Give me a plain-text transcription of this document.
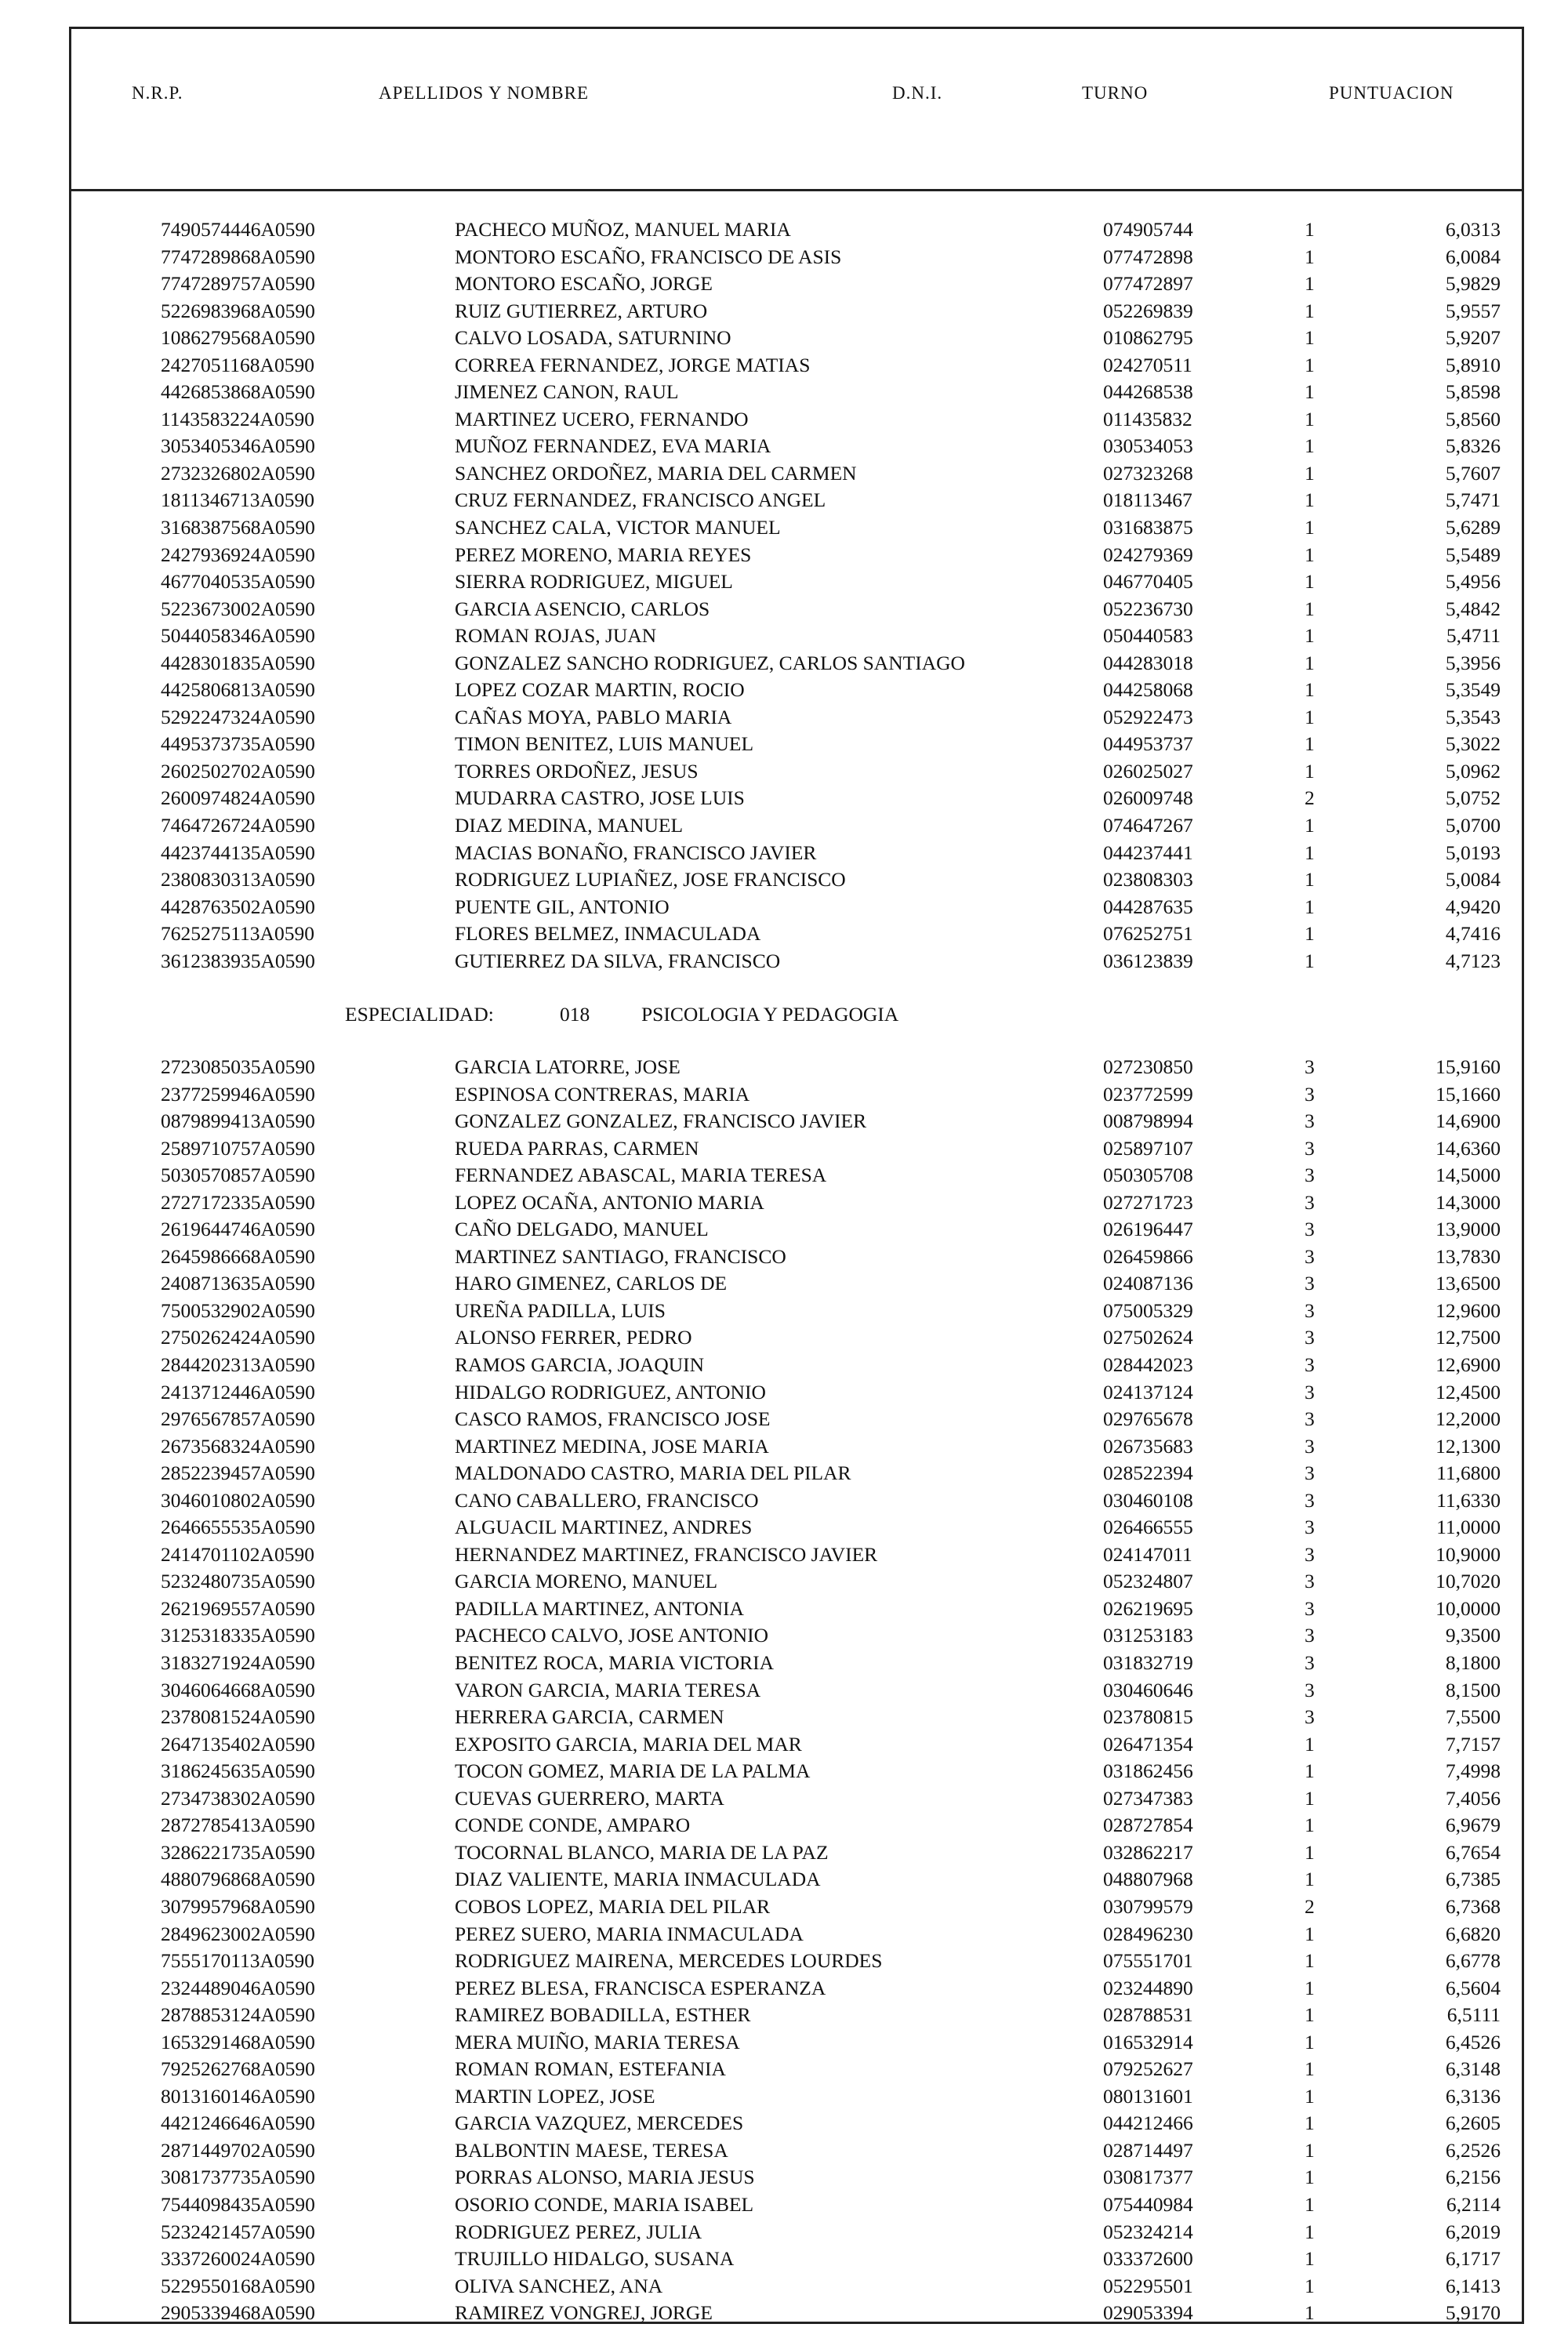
N.R.P.	APELLIDOS Y NOMBRE	D.N.I.	TURNO	PUNTUACION
7490574446A0590	PACHECO MUÑOZ, MANUEL MARIA	074905744	1	6,0313
7747289868A0590	MONTORO ESCAÑO, FRANCISCO DE ASIS	077472898	1	6,0084
7747289757A0590	MONTORO ESCAÑO, JORGE	077472897	1	5,9829
5226983968A0590	RUIZ GUTIERREZ, ARTURO	052269839	1	5,9557
1086279568A0590	CALVO LOSADA, SATURNINO	010862795	1	5,9207
2427051168A0590	CORREA FERNANDEZ, JORGE MATIAS	024270511	1	5,8910
4426853868A0590	JIMENEZ CANON, RAUL	044268538	1	5,8598
1143583224A0590	MARTINEZ UCERO, FERNANDO	011435832	1	5,8560
3053405346A0590	MUÑOZ FERNANDEZ, EVA MARIA	030534053	1	5,8326
2732326802A0590	SANCHEZ ORDOÑEZ, MARIA DEL CARMEN	027323268	1	5,7607
1811346713A0590	CRUZ FERNANDEZ, FRANCISCO ANGEL	018113467	1	5,7471
3168387568A0590	SANCHEZ CALA, VICTOR MANUEL	031683875	1	5,6289
2427936924A0590	PEREZ MORENO, MARIA REYES	024279369	1	5,5489
4677040535A0590	SIERRA RODRIGUEZ, MIGUEL	046770405	1	5,4956
5223673002A0590	GARCIA ASENCIO, CARLOS	052236730	1	5,4842
5044058346A0590	ROMAN ROJAS, JUAN	050440583	1	5,4711
4428301835A0590	GONZALEZ SANCHO RODRIGUEZ, CARLOS SANTIAGO	044283018	1	5,3956
4425806813A0590	LOPEZ COZAR MARTIN, ROCIO	044258068	1	5,3549
5292247324A0590	CAÑAS MOYA, PABLO MARIA	052922473	1	5,3543
4495373735A0590	TIMON BENITEZ, LUIS MANUEL	044953737	1	5,3022
2602502702A0590	TORRES ORDOÑEZ, JESUS	026025027	1	5,0962
2600974824A0590	MUDARRA CASTRO, JOSE LUIS	026009748	2	5,0752
7464726724A0590	DIAZ MEDINA, MANUEL	074647267	1	5,0700
4423744135A0590	MACIAS BONAÑO, FRANCISCO JAVIER	044237441	1	5,0193
2380830313A0590	RODRIGUEZ LUPIAÑEZ, JOSE FRANCISCO	023808303	1	5,0084
4428763502A0590	PUENTE GIL, ANTONIO	044287635	1	4,9420
7625275113A0590	FLORES BELMEZ, INMACULADA	076252751	1	4,7416
3612383935A0590	GUTIERREZ DA SILVA, FRANCISCO	036123839	1	4,7123
ESPECIALIDAD:	018	PSICOLOGIA Y PEDAGOGIA
2723085035A0590	GARCIA LATORRE, JOSE	027230850	3	15,9160
2377259946A0590	ESPINOSA CONTRERAS, MARIA	023772599	3	15,1660
0879899413A0590	GONZALEZ GONZALEZ, FRANCISCO JAVIER	008798994	3	14,6900
2589710757A0590	RUEDA PARRAS, CARMEN	025897107	3	14,6360
5030570857A0590	FERNANDEZ ABASCAL, MARIA TERESA	050305708	3	14,5000
2727172335A0590	LOPEZ OCAÑA, ANTONIO MARIA	027271723	3	14,3000
2619644746A0590	CAÑO DELGADO, MANUEL	026196447	3	13,9000
2645986668A0590	MARTINEZ SANTIAGO, FRANCISCO	026459866	3	13,7830
2408713635A0590	HARO GIMENEZ, CARLOS DE	024087136	3	13,6500
7500532902A0590	UREÑA PADILLA, LUIS	075005329	3	12,9600
2750262424A0590	ALONSO FERRER, PEDRO	027502624	3	12,7500
2844202313A0590	RAMOS GARCIA, JOAQUIN	028442023	3	12,6900
2413712446A0590	HIDALGO RODRIGUEZ, ANTONIO	024137124	3	12,4500
2976567857A0590	CASCO RAMOS, FRANCISCO JOSE	029765678	3	12,2000
2673568324A0590	MARTINEZ MEDINA, JOSE MARIA	026735683	3	12,1300
2852239457A0590	MALDONADO CASTRO, MARIA DEL PILAR	028522394	3	11,6800
3046010802A0590	CANO CABALLERO, FRANCISCO	030460108	3	11,6330
2646655535A0590	ALGUACIL MARTINEZ, ANDRES	026466555	3	11,0000
2414701102A0590	HERNANDEZ MARTINEZ, FRANCISCO JAVIER	024147011	3	10,9000
5232480735A0590	GARCIA MORENO, MANUEL	052324807	3	10,7020
2621969557A0590	PADILLA MARTINEZ, ANTONIA	026219695	3	10,0000
3125318335A0590	PACHECO CALVO, JOSE ANTONIO	031253183	3	9,3500
3183271924A0590	BENITEZ ROCA, MARIA VICTORIA	031832719	3	8,1800
3046064668A0590	VARON GARCIA, MARIA TERESA	030460646	3	8,1500
2378081524A0590	HERRERA GARCIA, CARMEN	023780815	3	7,5500
2647135402A0590	EXPOSITO GARCIA, MARIA DEL MAR	026471354	1	7,7157
3186245635A0590	TOCON GOMEZ, MARIA DE LA PALMA	031862456	1	7,4998
2734738302A0590	CUEVAS GUERRERO, MARTA	027347383	1	7,4056
2872785413A0590	CONDE CONDE, AMPARO	028727854	1	6,9679
3286221735A0590	TOCORNAL BLANCO, MARIA DE LA PAZ	032862217	1	6,7654
4880796868A0590	DIAZ VALIENTE, MARIA INMACULADA	048807968	1	6,7385
3079957968A0590	COBOS LOPEZ, MARIA DEL PILAR	030799579	2	6,7368
2849623002A0590	PEREZ SUERO, MARIA INMACULADA	028496230	1	6,6820
7555170113A0590	RODRIGUEZ MAIRENA, MERCEDES LOURDES	075551701	1	6,6778
2324489046A0590	PEREZ BLESA, FRANCISCA ESPERANZA	023244890	1	6,5604
2878853124A0590	RAMIREZ BOBADILLA, ESTHER	028788531	1	6,5111
1653291468A0590	MERA MUIÑO, MARIA TERESA	016532914	1	6,4526
7925262768A0590	ROMAN ROMAN, ESTEFANIA	079252627	1	6,3148
8013160146A0590	MARTIN LOPEZ, JOSE	080131601	1	6,3136
4421246646A0590	GARCIA VAZQUEZ, MERCEDES	044212466	1	6,2605
2871449702A0590	BALBONTIN MAESE, TERESA	028714497	1	6,2526
3081737735A0590	PORRAS ALONSO, MARIA JESUS	030817377	1	6,2156
7544098435A0590	OSORIO CONDE, MARIA ISABEL	075440984	1	6,2114
5232421457A0590	RODRIGUEZ PEREZ, JULIA	052324214	1	6,2019
3337260024A0590	TRUJILLO HIDALGO, SUSANA	033372600	1	6,1717
5229550168A0590	OLIVA SANCHEZ, ANA	052295501	1	6,1413
2905339468A0590	RAMIREZ VONGREJ, JORGE	029053394	1	5,9170
